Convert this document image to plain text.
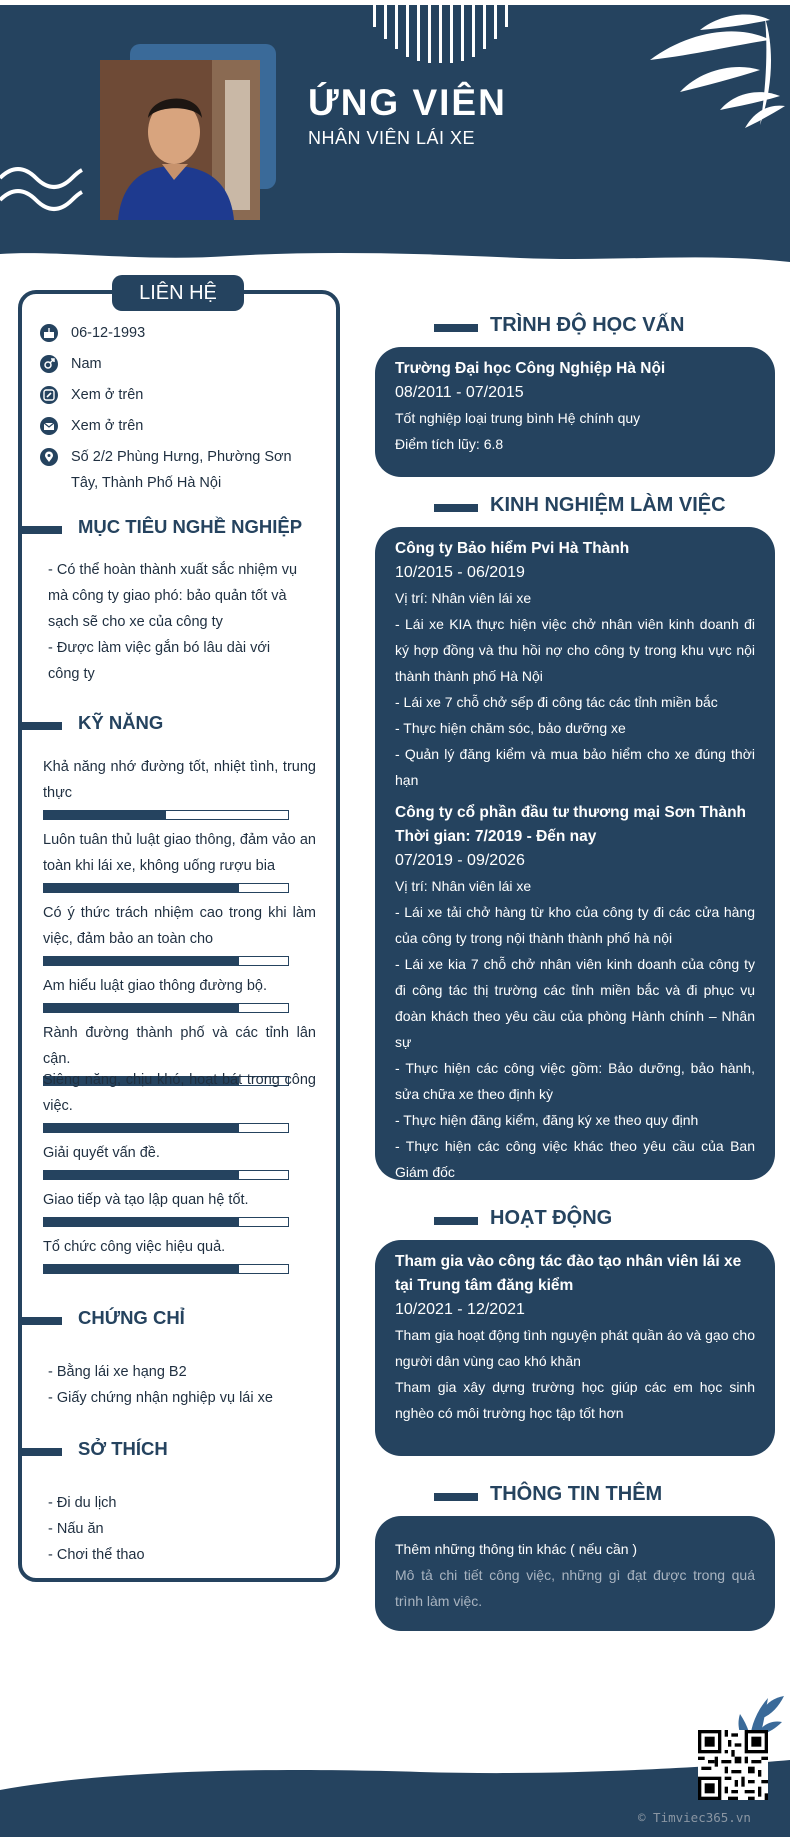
ỨNG VIÊN
NHÂN VIÊN LÁI XE
LIÊN HỆ
06-12-1993
Nam
Xem ở trên
Xem ở trên
Số 2/2 Phùng Hưng, Phường Sơn Tây, Thành Phố Hà Nội
MỤC TIÊU NGHỀ NGHIỆP
- Có thể hoàn thành xuất sắc nhiệm vụ mà công ty giao phó: bảo quản tốt và sạch sẽ cho xe của công ty
- Được làm việc gắn bó lâu dài với công ty
KỸ NĂNG
Khả năng nhớ đường tốt, nhiệt tình, trung thực
Luôn tuân thủ luật giao thông, đảm vảo an toàn khi lái xe, không uống rượu bia
Có ý thức trách nhiệm cao trong khi làm việc, đảm bảo an toàn cho
Am hiểu luật giao thông đường bộ.
Rành đường thành phố và các tỉnh lân cận.
Siêng năng, chịu khó, hoạt bát trong công việc.
Giải quyết vấn đề.
Giao tiếp và tạo lập quan hệ tốt.
Tổ chức công việc hiệu quả.
CHỨNG CHỈ
- Bằng lái xe hạng B2
- Giấy chứng nhận nghiệp vụ lái xe
SỞ THÍCH
- Đi du lịch
- Nấu ăn
- Chơi thể thao
TRÌNH ĐỘ HỌC VẤN
Trường Đại học Công Nghiệp Hà Nội
08/2011 - 07/2015
Tốt nghiệp loại trung bình Hệ chính quy
Điểm tích lũy: 6.8
KINH NGHIỆM LÀM VIỆC
Công ty Bảo hiểm Pvi Hà Thành
10/2015 - 06/2019
Vị trí: Nhân viên lái xe
- Lái xe KIA thực hiện việc chở nhân viên kinh doanh đi ký hợp đồng và thu hồi nợ cho công ty trong khu vực nội thành thành phố Hà Nội
- Lái xe 7 chỗ chở sếp đi công tác các tỉnh miền bắc
- Thực hiện chăm sóc, bảo dưỡng xe
- Quản lý đăng kiểm và mua bảo hiểm cho xe đúng thời hạn
Công ty cổ phần đầu tư thương mại Sơn Thành Thời gian: 7/2019 - Đến nay
07/2019 - 09/2026
Vị trí: Nhân viên lái xe
- Lái xe tải chở hàng từ kho của công ty đi các cửa hàng của công ty trong nội thành thành phố hà nội
- Lái xe kia 7 chỗ chở nhân viên kinh doanh của công ty đi công tác thị trường các tỉnh miền bắc và đi phục vụ đoàn khách theo yêu cầu của phòng Hành chính – Nhân sự
- Thực hiện các công việc gồm: Bảo dưỡng, bảo hành, sửa chữa xe theo định kỳ
- Thực hiện đăng kiểm, đăng ký xe theo quy định
- Thực hiện các công việc khác theo yêu cầu của Ban Giám đốc
HOẠT ĐỘNG
Tham gia vào công tác đào tạo nhân viên lái xe tại Trung tâm đăng kiểm
10/2021 - 12/2021
Tham gia hoạt động tình nguyện phát quần áo và gạo cho người dân vùng cao khó khăn
Tham gia xây dựng trường học giúp các em học sinh nghèo có môi trường học tập tốt hơn
THÔNG TIN THÊM
Thêm những thông tin khác ( nếu cần )
Mô tả chi tiết công việc, những gì đạt được trong quá trình làm việc.
© Timviec365.vn
